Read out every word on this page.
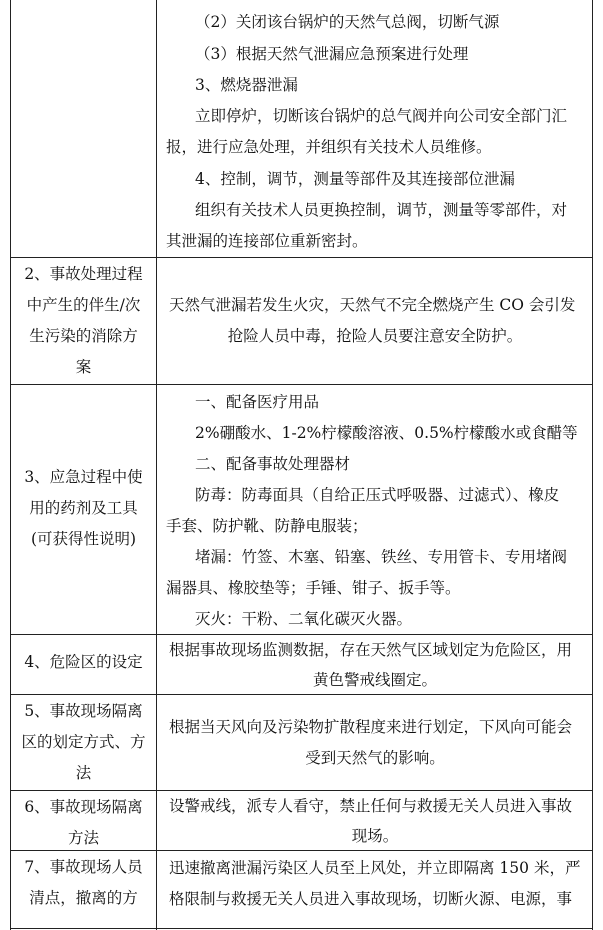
（2）关闭该台锅炉的天然气总阀，切断气源
（3）根据天然气泄漏应急预案进行处理
3、燃烧器泄漏
立即停炉，切断该台锅炉的总气阀并向公司安全部门汇
报，进行应急处理，并组织有关技术人员维修。
4、控制，调节，测量等部件及其连接部位泄漏
组织有关技术人员更换控制，调节，测量等零部件，对
其泄漏的连接部位重新密封。
2、事故处理过程
中产生的伴生/次
生污染的消除方
案
天然气泄漏若发生火灾，天然气不完全燃烧产生 CO 会引发
抢险人员中毒，抢险人员要注意安全防护。
3、应急过程中使
用的药剂及工具
(可获得性说明)
一、配备医疗用品
2%硼酸水、1-2%柠檬酸溶液、0.5%柠檬酸水或食醋等
二、配备事故处理器材
防毒：防毒面具（自给正压式呼吸器、过滤式）、橡皮
手套、防护靴、防静电服装；
堵漏：竹签、木塞、铅塞、铁丝、专用管卡、专用堵阀
漏器具、橡胶垫等；手锤、钳子、扳手等。
灭火：干粉、二氧化碳灭火器。
4、危险区的设定
根据事故现场监测数据，存在天然气区域划定为危险区，用
黄色警戒线圈定。
5、事故现场隔离
区的划定方式、方
法
根据当天风向及污染物扩散程度来进行划定，下风向可能会
受到天然气的影响。
6、事故现场隔离
方法
设警戒线，派专人看守，禁止任何与救援无关人员进入事故
现场。
7、事故现场人员
清点，撤离的方
迅速撤离泄漏污染区人员至上风处，并立即隔离 150 米，严
格限制与救援无关人员进入事故现场，切断火源、电源，事
